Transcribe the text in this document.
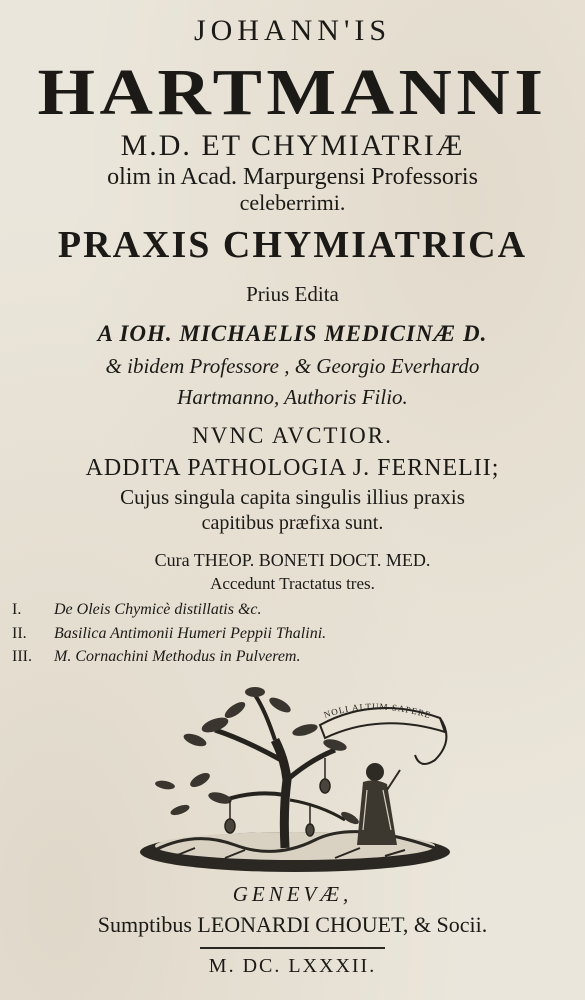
JOHANN'IS
HARTMANNI
M.D. ET CHYMIATRIÆ
olim in Acad. Marpurgensi Professoris
celeberrimi.
PRAXIS CHYMIATRICA
Prius Edita
A IOH. MICHAELIS MEDICINÆ D.
& ibidem Professore , & Georgio Everhardo
Hartmanno, Authoris Filio.
NVNC AVCTIOR.
ADDITA PATHOLOGIA J. FERNELII;
Cujus singula capita singulis illius praxis
capitibus præfixa sunt.
Cura THEOP. BONETI DOCT. MED.
Accedunt Tractatus tres.
I. De Oleis Chymicè distillatis &c.
II. Basilica Antimonii Humeri Peppii Thalini.
III. M. Cornachini Methodus in Pulverem.
NOLI ALTUM SAPERE
GENEVÆ,
Sumptibus LEONARDI CHOUET, & Socii.
M. DC. LXXXII.
